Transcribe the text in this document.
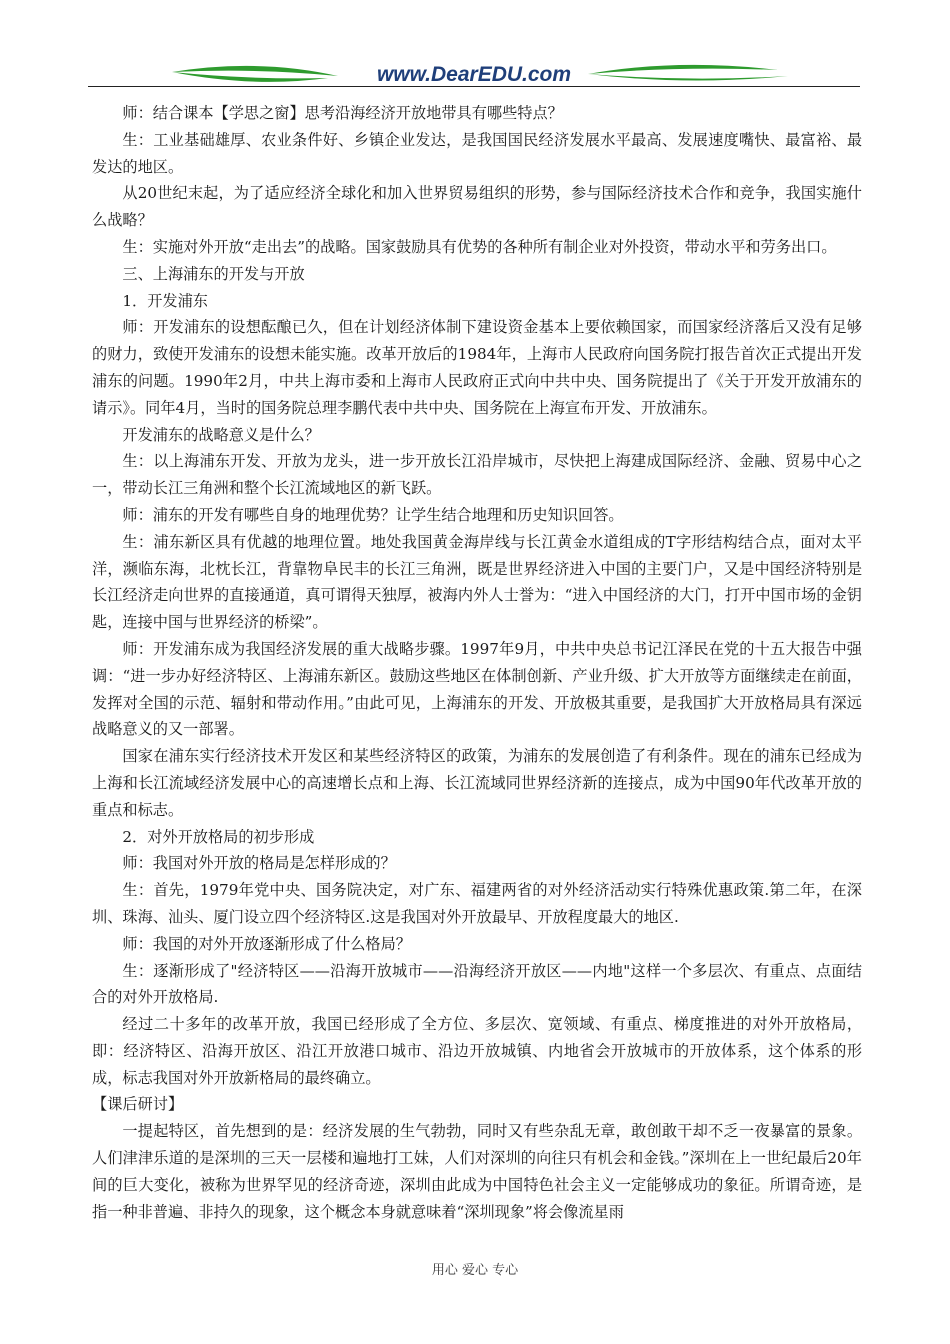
www.DearEDU.com

师：结合课本【学思之窗】思考沿海经济开放地带具有哪些特点？

生：工业基础雄厚、农业条件好、乡镇企业发达，是我国国民经济发展水平最高、发展速度嘴快、最富裕、最发达的地区。

从20世纪末起，为了适应经济全球化和加入世界贸易组织的形势，参与国际经济技术合作和竞争，我国实施什么战略？

生：实施对外开放“走出去”的战略。国家鼓励具有优势的各种所有制企业对外投资，带动水平和劳务出口。

三、上海浦东的开发与开放

1．开发浦东

师：开发浦东的设想酝酿已久，但在计划经济体制下建设资金基本上要依赖国家，而国家经济落后又没有足够的财力，致使开发浦东的设想未能实施。改革开放后的1984年，上海市人民政府向国务院打报告首次正式提出开发浦东的问题。1990年2月，中共上海市委和上海市人民政府正式向中共中央、国务院提出了《关于开发开放浦东的请示》。同年4月，当时的国务院总理李鹏代表中共中央、国务院在上海宣布开发、开放浦东。

开发浦东的战略意义是什么？

生：以上海浦东开发、开放为龙头，进一步开放长江沿岸城市，尽快把上海建成国际经济、金融、贸易中心之一，带动长江三角洲和整个长江流域地区的新飞跃。

师：浦东的开发有哪些自身的地理优势？让学生结合地理和历史知识回答。

生：浦东新区具有优越的地理位置。地处我国黄金海岸线与长江黄金水道组成的T字形结构结合点，面对太平洋，濒临东海，北枕长江，背靠物阜民丰的长江三角洲，既是世界经济进入中国的主要门户，又是中国经济特别是长江经济走向世界的直接通道，真可谓得天独厚，被海内外人士誉为：“进入中国经济的大门，打开中国市场的金钥匙，连接中国与世界经济的桥梁”。

师：开发浦东成为我国经济发展的重大战略步骤。1997年9月，中共中央总书记江泽民在党的十五大报告中强调：“进一步办好经济特区、上海浦东新区。鼓励这些地区在体制创新、产业升级、扩大开放等方面继续走在前面，发挥对全国的示范、辐射和带动作用。”由此可见，上海浦东的开发、开放极其重要，是我国扩大开放格局具有深远战略意义的又一部署。

国家在浦东实行经济技术开发区和某些经济特区的政策，为浦东的发展创造了有利条件。现在的浦东已经成为上海和长江流域经济发展中心的高速增长点和上海、长江流域同世界经济新的连接点，成为中国90年代改革开放的重点和标志。

2．对外开放格局的初步形成

师：我国对外开放的格局是怎样形成的？

生：首先，1979年党中央、国务院决定，对广东、福建两省的对外经济活动实行特殊优惠政策.第二年，在深圳、珠海、汕头、厦门设立四个经济特区.这是我国对外开放最早、开放程度最大的地区.

师：我国的对外开放逐渐形成了什么格局？

生：逐渐形成了"经济特区——沿海开放城市——沿海经济开放区——内地"这样一个多层次、有重点、点面结合的对外开放格局.

经过二十多年的改革开放，我国已经形成了全方位、多层次、宽领域、有重点、梯度推进的对外开放格局，即：经济特区、沿海开放区、沿江开放港口城市、沿边开放城镇、内地省会开放城市的开放体系，这个体系的形成，标志我国对外开放新格局的最终确立。

【课后研讨】

一提起特区，首先想到的是：经济发展的生气勃勃，同时又有些杂乱无章，敢创敢干却不乏一夜暴富的景象。人们津津乐道的是深圳的三天一层楼和遍地打工妹，人们对深圳的向往只有机会和金钱。”深圳在上一世纪最后20年间的巨大变化，被称为世界罕见的经济奇迹，深圳由此成为中国特色社会主义一定能够成功的象征。所谓奇迹，是指一种非普遍、非持久的现象，这个概念本身就意味着“深圳现象”将会像流星雨

用心 爱心 专心
